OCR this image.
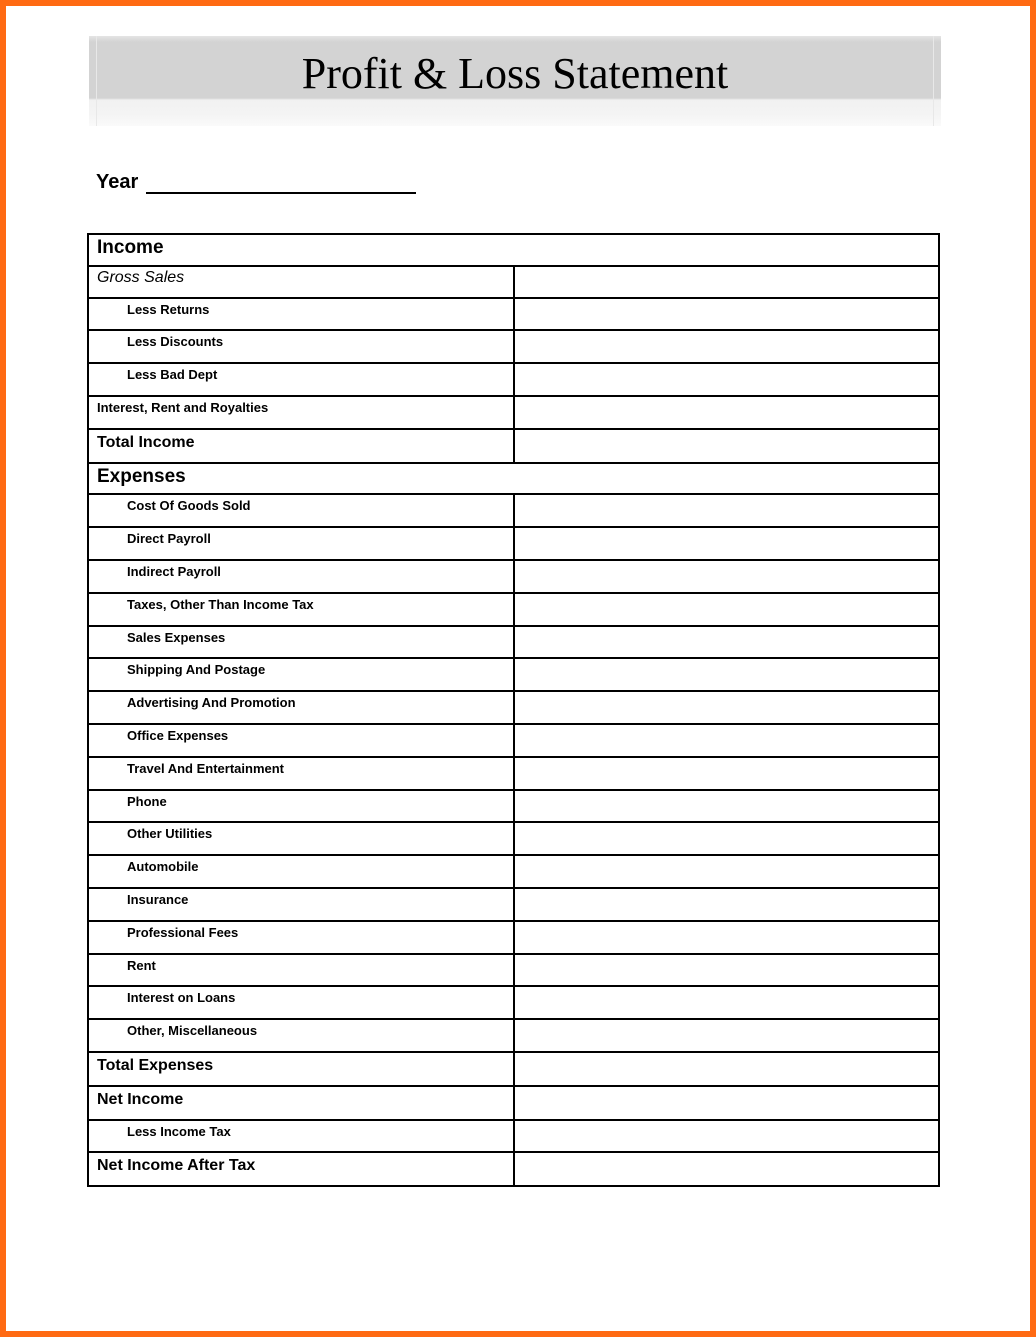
Profit & Loss Statement
Year
Income	
Gross Sales	
Less Returns	
Less Discounts	
Less Bad Dept	
Interest, Rent and Royalties	
Total Income	
Expenses	
Cost Of Goods Sold	
Direct Payroll	
Indirect Payroll	
Taxes, Other Than Income Tax	
Sales Expenses	
Shipping And Postage	
Advertising And Promotion	
Office Expenses	
Travel And Entertainment	
Phone	
Other Utilities	
Automobile	
Insurance	
Professional Fees	
Rent	
Interest on Loans	
Other, Miscellaneous	
Total Expenses	
Net Income	
Less Income Tax	
Net Income After Tax	
